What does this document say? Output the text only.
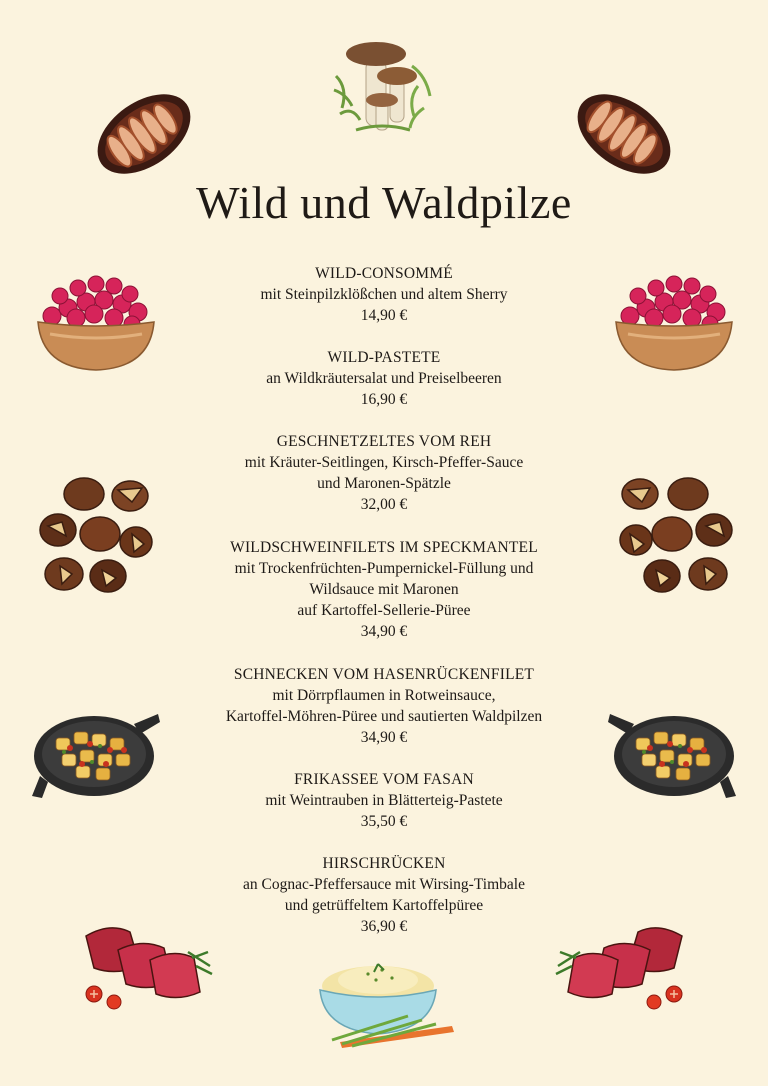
Wild und Waldpilze
WILD-CONSOMMÉ
mit Steinpilzklößchen und altem Sherry
14,90 €
WILD-PASTETE
an Wildkräutersalat und Preiselbeeren
16,90 €
GESCHNETZELTES VOM REH
mit Kräuter-Seitlingen, Kirsch-Pfeffer-Sauce
und Maronen-Spätzle
32,00 €
WILDSCHWEINFILETS IM SPECKMANTEL
mit Trockenfrüchten-Pumpernickel-Füllung und
Wildsauce mit Maronen
auf Kartoffel-Sellerie-Püree
34,90 €
SCHNECKEN VOM HASENRÜCKENFILET
mit Dörrpflaumen in Rotweinsauce,
Kartoffel-Möhren-Püree und sautierten Waldpilzen
34,90 €
FRIKASSEE VOM FASAN
mit Weintrauben in Blätterteig-Pastete
35,50 €
HIRSCHRÜCKEN
an Cognac-Pfeffersauce mit Wirsing-Timbale
und getrüffeltem Kartoffelpüree
36,90 €
